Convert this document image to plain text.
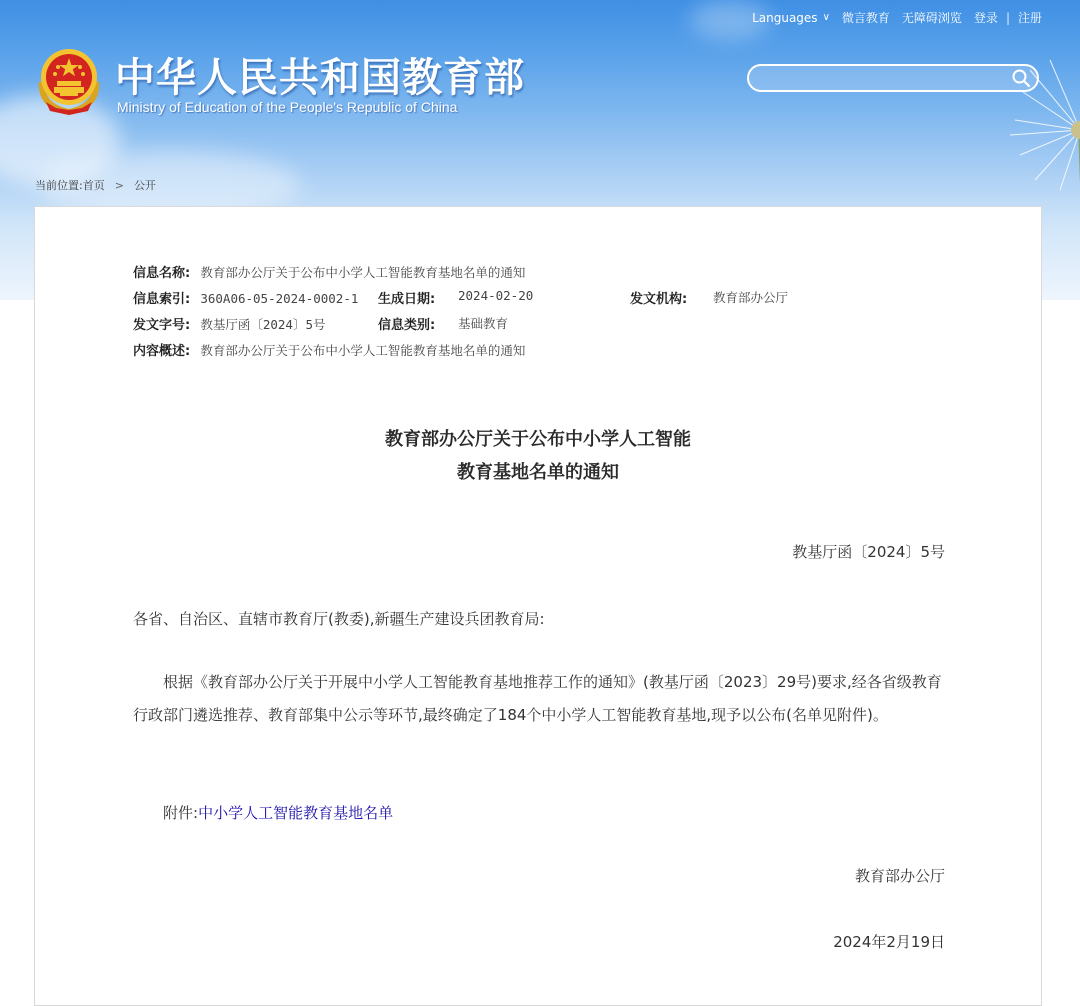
Languages ∨ 微言教育 无障碍浏览 登录 | 注册
中华人民共和国教育部
Ministry of Education of the People's Republic of China
当前位置:首页 > 公开
信息名称: 教育部办公厅关于公布中小学人工智能教育基地名单的通知
信息索引: 360A06-05-2024-0002-1 生成日期: 2024-02-20	发文机构: 教育部办公厅
发文字号: 教基厅函〔2024〕5号	信息类别: 基础教育
内容概述: 教育部办公厅关于公布中小学人工智能教育基地名单的通知
教育部办公厅关于公布中小学人工智能
教育基地名单的通知
教基厅函〔2024〕5号
各省、自治区、直辖市教育厅(教委),新疆生产建设兵团教育局:
根据《教育部办公厅关于开展中小学人工智能教育基地推荐工作的通知》(教基厅函〔2023〕29号)要求,经各省级教育行政部门遴选推荐、教育部集中公示等环节,最终确定了184个中小学人工智能教育基地,现予以公布(名单见附件)。
附件:中小学人工智能教育基地名单
教育部办公厅
2024年2月19日
